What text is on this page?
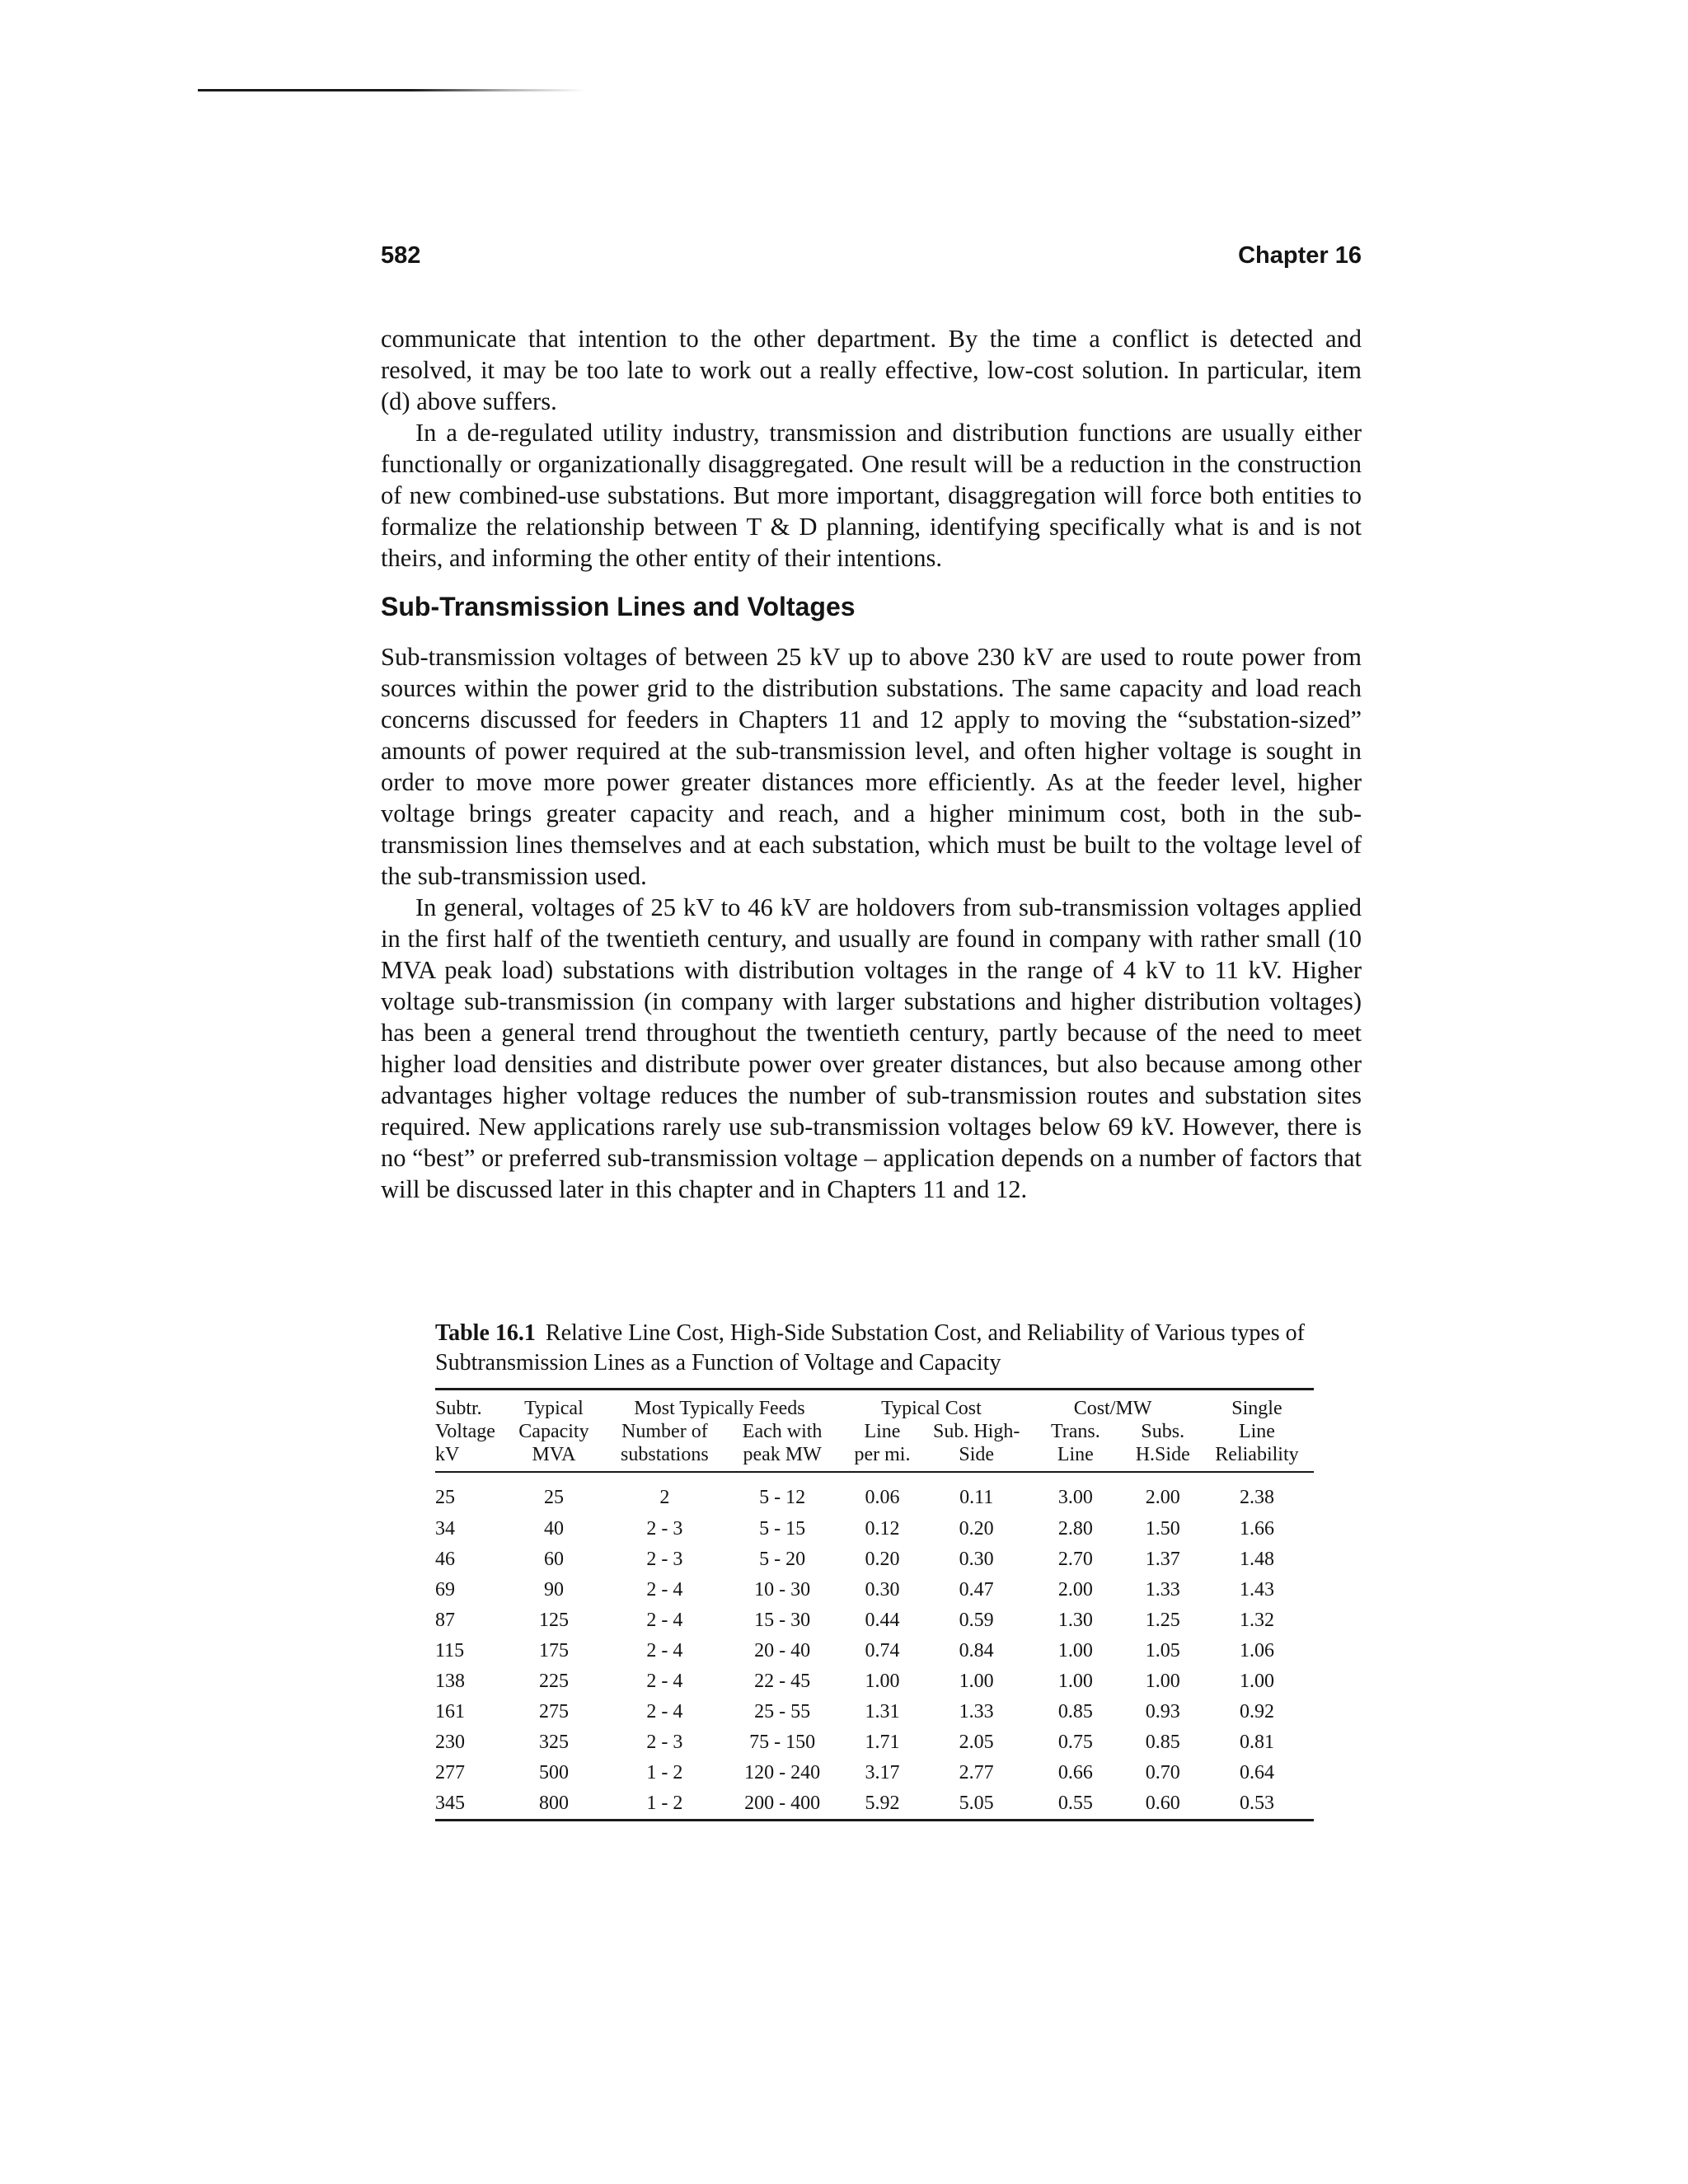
582	Chapter 16

communicate that intention to the other department. By the time a conflict is detected and resolved, it may be too late to work out a really effective, low-cost solution. In particular, item (d) above suffers.

In a de-regulated utility industry, transmission and distribution functions are usually either functionally or organizationally disaggregated. One result will be a reduction in the construction of new combined-use substations. But more important, disaggregation will force both entities to formalize the relationship between T & D planning, identifying specifically what is and is not theirs, and informing the other entity of their intentions.

Sub-Transmission Lines and Voltages

Sub-transmission voltages of between 25 kV up to above 230 kV are used to route power from sources within the power grid to the distribution substations. The same capacity and load reach concerns discussed for feeders in Chapters 11 and 12 apply to moving the “substation-sized” amounts of power required at the sub-transmission level, and often higher voltage is sought in order to move more power greater distances more efficiently. As at the feeder level, higher voltage brings greater capacity and reach, and a higher minimum cost, both in the sub-transmission lines themselves and at each substation, which must be built to the voltage level of the sub-transmission used.

In general, voltages of 25 kV to 46 kV are holdovers from sub-transmission voltages applied in the first half of the twentieth century, and usually are found in company with rather small (10 MVA peak load) substations with distribution voltages in the range of 4 kV to 11 kV. Higher voltage sub-transmission (in company with larger substations and higher distribution voltages) has been a general trend throughout the twentieth century, partly because of the need to meet higher load densities and distribute power over greater distances, but also because among other advantages higher voltage reduces the number of sub-transmission routes and substation sites required. New applications rarely use sub-transmission voltages below 69 kV. However, there is no “best” or preferred sub-transmission voltage – application depends on a number of factors that will be discussed later in this chapter and in Chapters 11 and 12.

Table 16.1 Relative Line Cost, High-Side Substation Cost, and Reliability of Various types of Subtransmission Lines as a Function of Voltage and Capacity
Subtr.	Typical	Most Typically Feeds		Typical Cost		Cost/MW		Single
Voltage	Capacity	Number of	Each with	Line	Sub. High-	Trans.	Subs.	Line
kV	MVA	substations	peak MW	per mi.	Side	Line	H.Side	Reliability
25	25	2	5 - 12	0.06	0.11	3.00	2.00	2.38
34	40	2 - 3	5 - 15	0.12	0.20	2.80	1.50	1.66
46	60	2 - 3	5 - 20	0.20	0.30	2.70	1.37	1.48
69	90	2 - 4	10 - 30	0.30	0.47	2.00	1.33	1.43
87	125	2 - 4	15 - 30	0.44	0.59	1.30	1.25	1.32
115	175	2 - 4	20 - 40	0.74	0.84	1.00	1.05	1.06
138	225	2 - 4	22 - 45	1.00	1.00	1.00	1.00	1.00
161	275	2 - 4	25 - 55	1.31	1.33	0.85	0.93	0.92
230	325	2 - 3	75 - 150	1.71	2.05	0.75	0.85	0.81
277	500	1 - 2	120 - 240	3.17	2.77	0.66	0.70	0.64
345	800	1 - 2	200 - 400	5.92	5.05	0.55	0.60	0.53
